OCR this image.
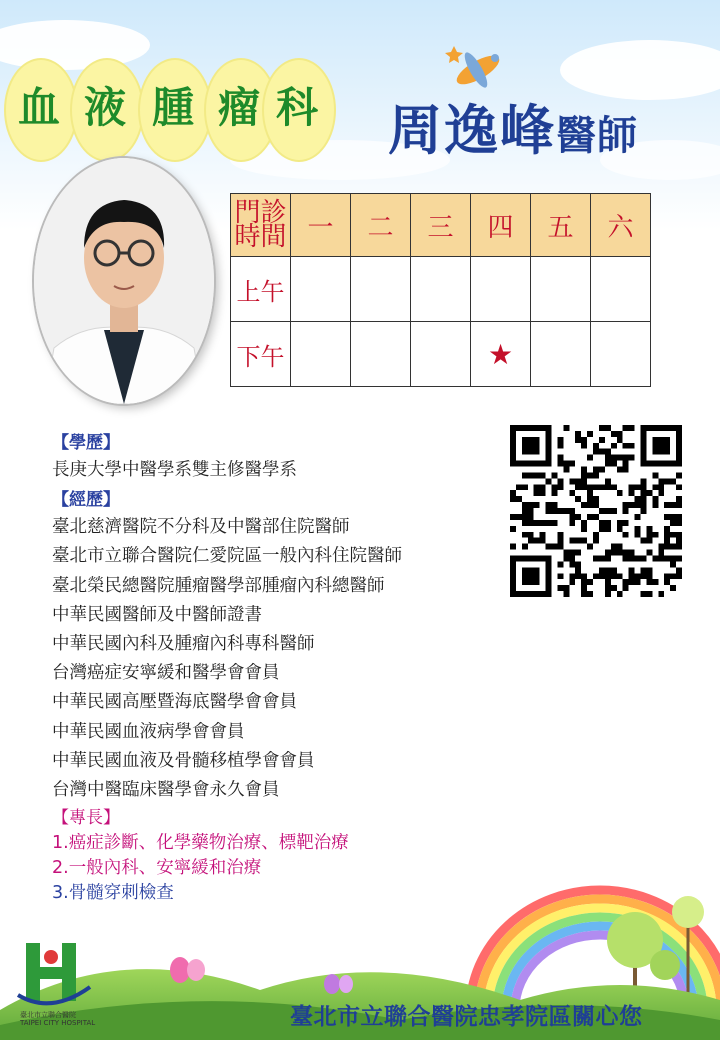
血 液 腫 瘤 科 周逸峰醫師
門診
時間	一	二	三	四	五	六
上午						
下午				★		
【學歷】
長庚大學中醫學系雙主修醫學系
【經歷】
臺北慈濟醫院不分科及中醫部住院醫師
臺北市立聯合醫院仁愛院區一般內科住院醫師
臺北榮民總醫院腫瘤醫學部腫瘤內科總醫師
中華民國醫師及中醫師證書
中華民國內科及腫瘤內科專科醫師
台灣癌症安寧緩和醫學會會員
中華民國高壓暨海底醫學會會員
中華民國血液病學會會員
中華民國血液及骨髓移植學會會員
台灣中醫臨床醫學會永久會員
【專長】
1.癌症診斷、化學藥物治療、標靶治療
2.一般內科、安寧緩和治療
3.骨髓穿刺檢查
臺北市立聯合醫院
TAIPEI CITY HOSPITAL	臺北市立聯合醫院忠孝院區關心您
